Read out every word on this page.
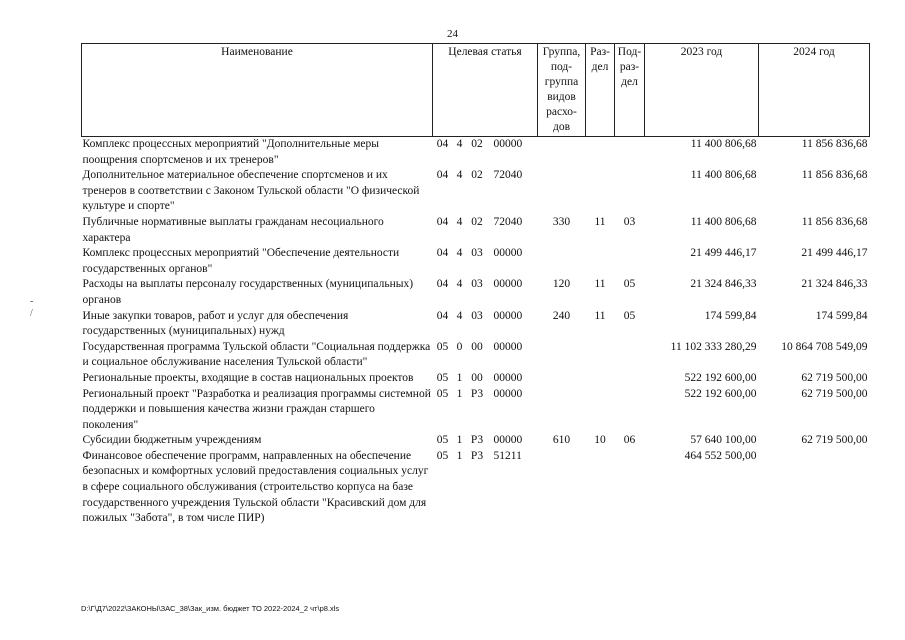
24
-
/
Наименование	Целевая статья				Группа, под-группа видов расхо-дов	Раз-дел	Под-раз-дел	2023 год	2024 год
Комплекс процессных мероприятий "Дополнительные меры поощрения спортсменов и их тренеров"	04	4	02	00000				11 400 806,68	11 856 836,68
Дополнительное материальное обеспечение спортсменов и их тренеров в соответствии с Законом Тульской области "О физической культуре и спорте"	04	4	02	72040				11 400 806,68	11 856 836,68
Публичные нормативные выплаты гражданам несоциального характера	04	4	02	72040	330	11	03	11 400 806,68	11 856 836,68
Комплекс процессных мероприятий "Обеспечение деятельности государственных органов"	04	4	03	00000				21 499 446,17	21 499 446,17
Расходы на выплаты персоналу государственных (муниципальных) органов	04	4	03	00000	120	11	05	21 324 846,33	21 324 846,33
Иные закупки товаров, работ и услуг для обеспечения государственных (муниципальных) нужд	04	4	03	00000	240	11	05	174 599,84	174 599,84
Государственная программа Тульской области "Социальная поддержка и социальное обслуживание населения Тульской области"	05	0	00	00000				11 102 333 280,29	10 864 708 549,09
Региональные проекты, входящие в состав национальных проектов	05	1	00	00000				522 192 600,00	62 719 500,00
Региональный проект "Разработка и реализация программы системной поддержки и повышения качества жизни граждан старшего поколения"	05	1	P3	00000				522 192 600,00	62 719 500,00
Субсидии бюджетным учреждениям	05	1	P3	00000	610	10	06	57 640 100,00	62 719 500,00
Финансовое обеспечение программ, направленных на обеспечение безопасных и комфортных условий предоставления социальных услуг в сфере социального обслуживания (строительство корпуса на базе государственного учреждения Тульской области "Красивский дом для пожилых "Забота", в том числе ПИР)	05	1	P3	51211				464 552 500,00	
D:\Г\Д7\2022\ЗАКОНЫ\ЗАС_38\Зак_изм. бюджет ТО 2022-2024_2 чт\р8.xls
